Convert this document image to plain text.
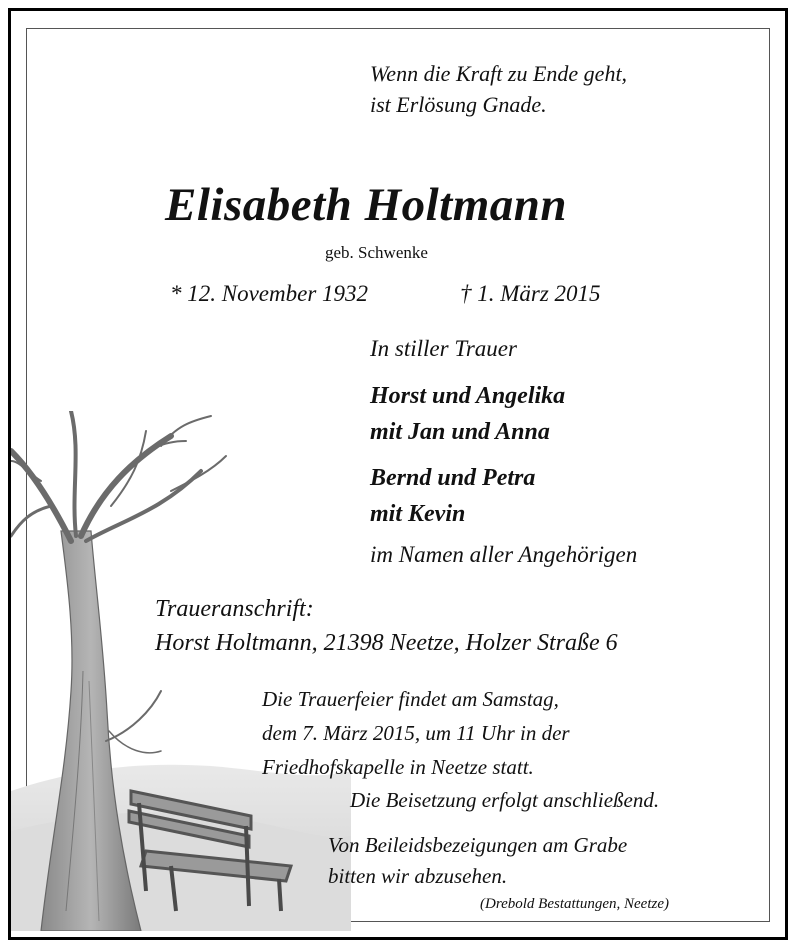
Wenn die Kraft zu Ende geht,
ist Erlösung Gnade.
Elisabeth Holtmann
geb. Schwenke
* 12. November 1932	† 1. März 2015
In stiller Trauer
Horst und Angelika
mit Jan und Anna
Bernd und Petra
mit Kevin
im Namen aller Angehörigen
Traueranschrift:
Horst Holtmann, 21398 Neetze, Holzer Straße 6
Die Trauerfeier findet am Samstag,
dem 7. März 2015, um 11 Uhr in der
Friedhofskapelle in Neetze statt.
Die Beisetzung erfolgt anschließend.
Von Beileidsbezeigungen am Grabe
bitten wir abzusehen.
(Drebold Bestattungen, Neetze)
